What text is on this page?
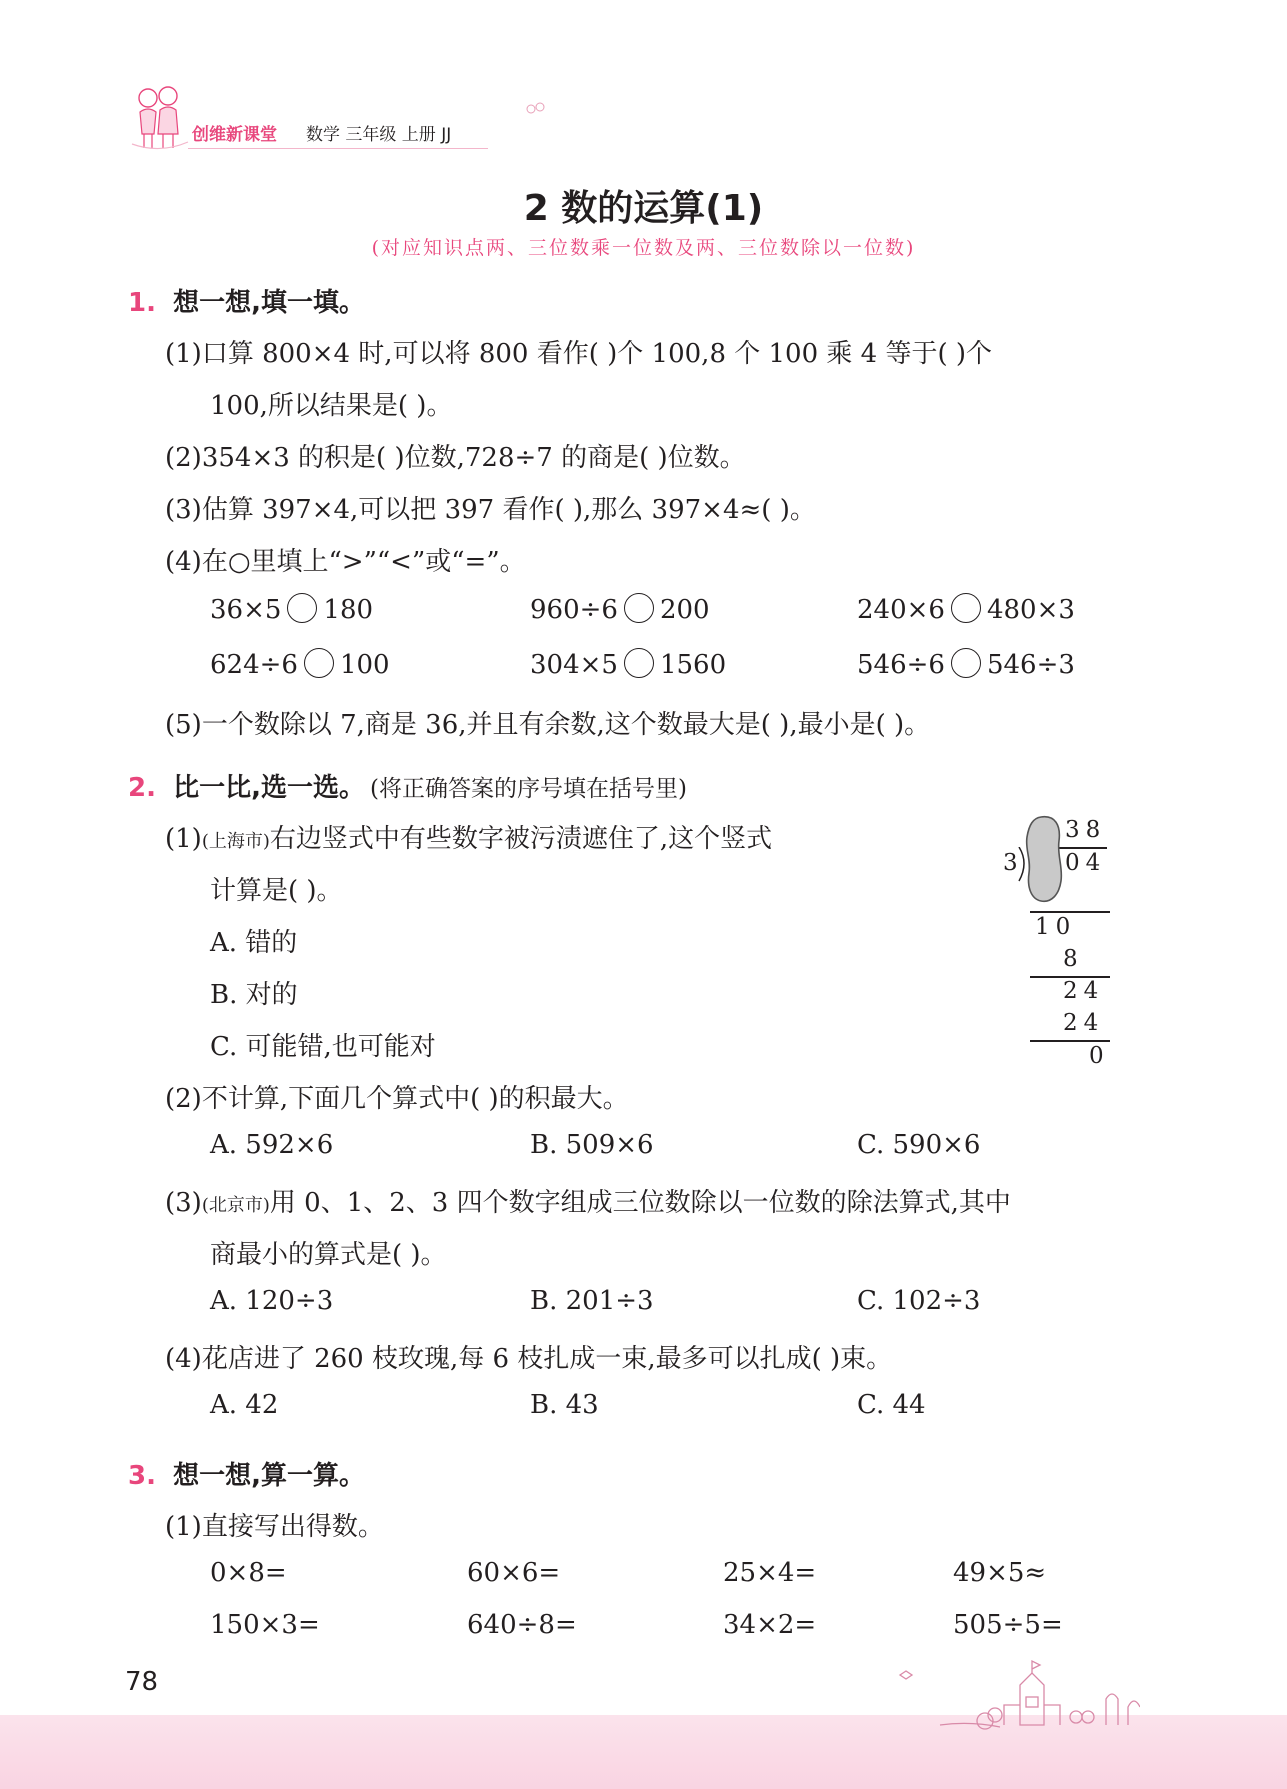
创维新课堂 数学 三年级 上册 JJ
2 数的运算(1)
(对应知识点两、三位数乘一位数及两、三位数除以一位数)
1. 想一想,填一填。
(1)口算 800×4 时,可以将 800 看作( )个 100,8 个 100 乘 4 等于( )个
100,所以结果是( )。
(2)354×3 的积是( )位数,728÷7 的商是( )位数。
(3)估算 397×4,可以把 397 看作( ),那么 397×4≈( )。
(4)在○里填上“>”“<”或“=”。
36×5 180	960÷6 200	240×6 480×3
624÷6 100	304×5 1560	546÷6 546÷3
(5)一个数除以 7,商是 36,并且有余数,这个数最大是( ),最小是( )。
2. 比一比,选一选。 (将正确答案的序号填在括号里)
(1)(上海市)右边竖式中有些数字被污渍遮住了,这个竖式
计算是( )。
A. 错的
B. 对的
C. 可能错,也可能对
38
3 04
10
8
24
24
0
(2)不计算,下面几个算式中( )的积最大。
A. 592×6	B. 509×6	C. 590×6
(3)(北京市)用 0、1、2、3 四个数字组成三位数除以一位数的除法算式,其中
商最小的算式是( )。
A. 120÷3	B. 201÷3	C. 102÷3
(4)花店进了 260 枝玫瑰,每 6 枝扎成一束,最多可以扎成( )束。
A. 42	B. 43	C. 44
3. 想一想,算一算。
(1)直接写出得数。
0×8=	60×6=	25×4=	49×5≈
150×3=	640÷8=	34×2=	505÷5=
78
